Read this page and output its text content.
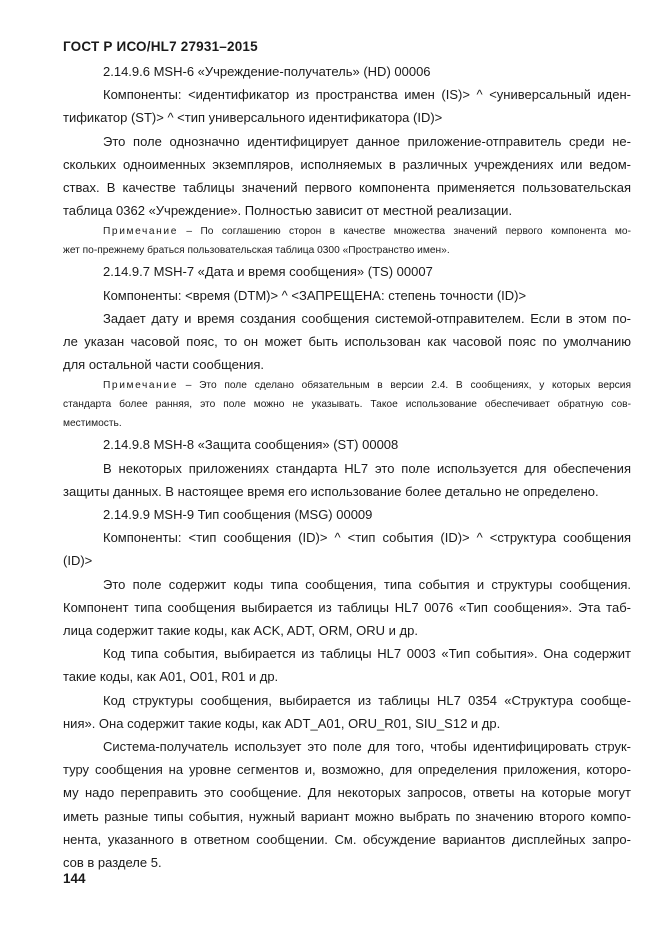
ГОСТ Р ИСО/HL7 27931–2015
2.14.9.6 MSH-6 «Учреждение-получатель» (HD) 00006
Компоненты: <идентификатор из пространства имен (IS)> ^ <универсальный иден-
тификатор (ST)> ^ <тип универсального идентификатора (ID)>
Это поле однозначно идентифицирует данное приложение-отправитель среди не-
скольких одноименных экземпляров, исполняемых в различных учреждениях или ведом-
ствах. В качестве таблицы значений первого компонента применяется пользовательская
таблица 0362 «Учреждение». Полностью зависит от местной реализации.
Примечание – По соглашению сторон в качестве множества значений первого компонента мо-
жет по-прежнему браться пользовательская таблица 0300 «Пространство имен».
2.14.9.7 MSH-7 «Дата и время сообщения» (TS) 00007
Компоненты: <время (DTM)> ^ <ЗАПРЕЩЕНА: степень точности (ID)>
Задает дату и время создания сообщения системой-отправителем. Если в этом по-
ле указан часовой пояс, то он может быть использован как часовой пояс по умолчанию
для остальной части сообщения.
Примечание – Это поле сделано обязательным в версии 2.4. В сообщениях, у которых версия
стандарта более ранняя, это поле можно не указывать. Такое использование обеспечивает обратную сов-
местимость.
2.14.9.8 MSH-8 «Защита сообщения» (ST) 00008
В некоторых приложениях стандарта HL7 это поле используется для обеспечения
защиты данных. В настоящее время его использование более детально не определено.
2.14.9.9 MSH-9 Тип сообщения (MSG) 00009
Компоненты: <тип сообщения (ID)> ^ <тип события (ID)> ^ <структура сообщения
(ID)>
Это поле содержит коды типа сообщения, типа события и структуры сообщения.
Компонент типа сообщения выбирается из таблицы HL7 0076 «Тип сообщения». Эта таб-
лица содержит такие коды, как ACK, ADT, ORM, ORU и др.
Код типа события, выбирается из таблицы HL7 0003 «Тип события». Она содержит
такие коды, как A01, O01, R01 и др.
Код структуры сообщения, выбирается из таблицы HL7 0354 «Структура сообще-
ния». Она содержит такие коды, как ADT_A01, ORU_R01, SIU_S12 и др.
Система-получатель использует это поле для того, чтобы идентифицировать струк-
туру сообщения на уровне сегментов и, возможно, для определения приложения, которо-
му надо переправить это сообщение. Для некоторых запросов, ответы на которые могут
иметь разные типы события, нужный вариант можно выбрать по значению второго компо-
нента, указанного в ответном сообщении. См. обсуждение вариантов дисплейных запро-
сов в разделе 5.
144
